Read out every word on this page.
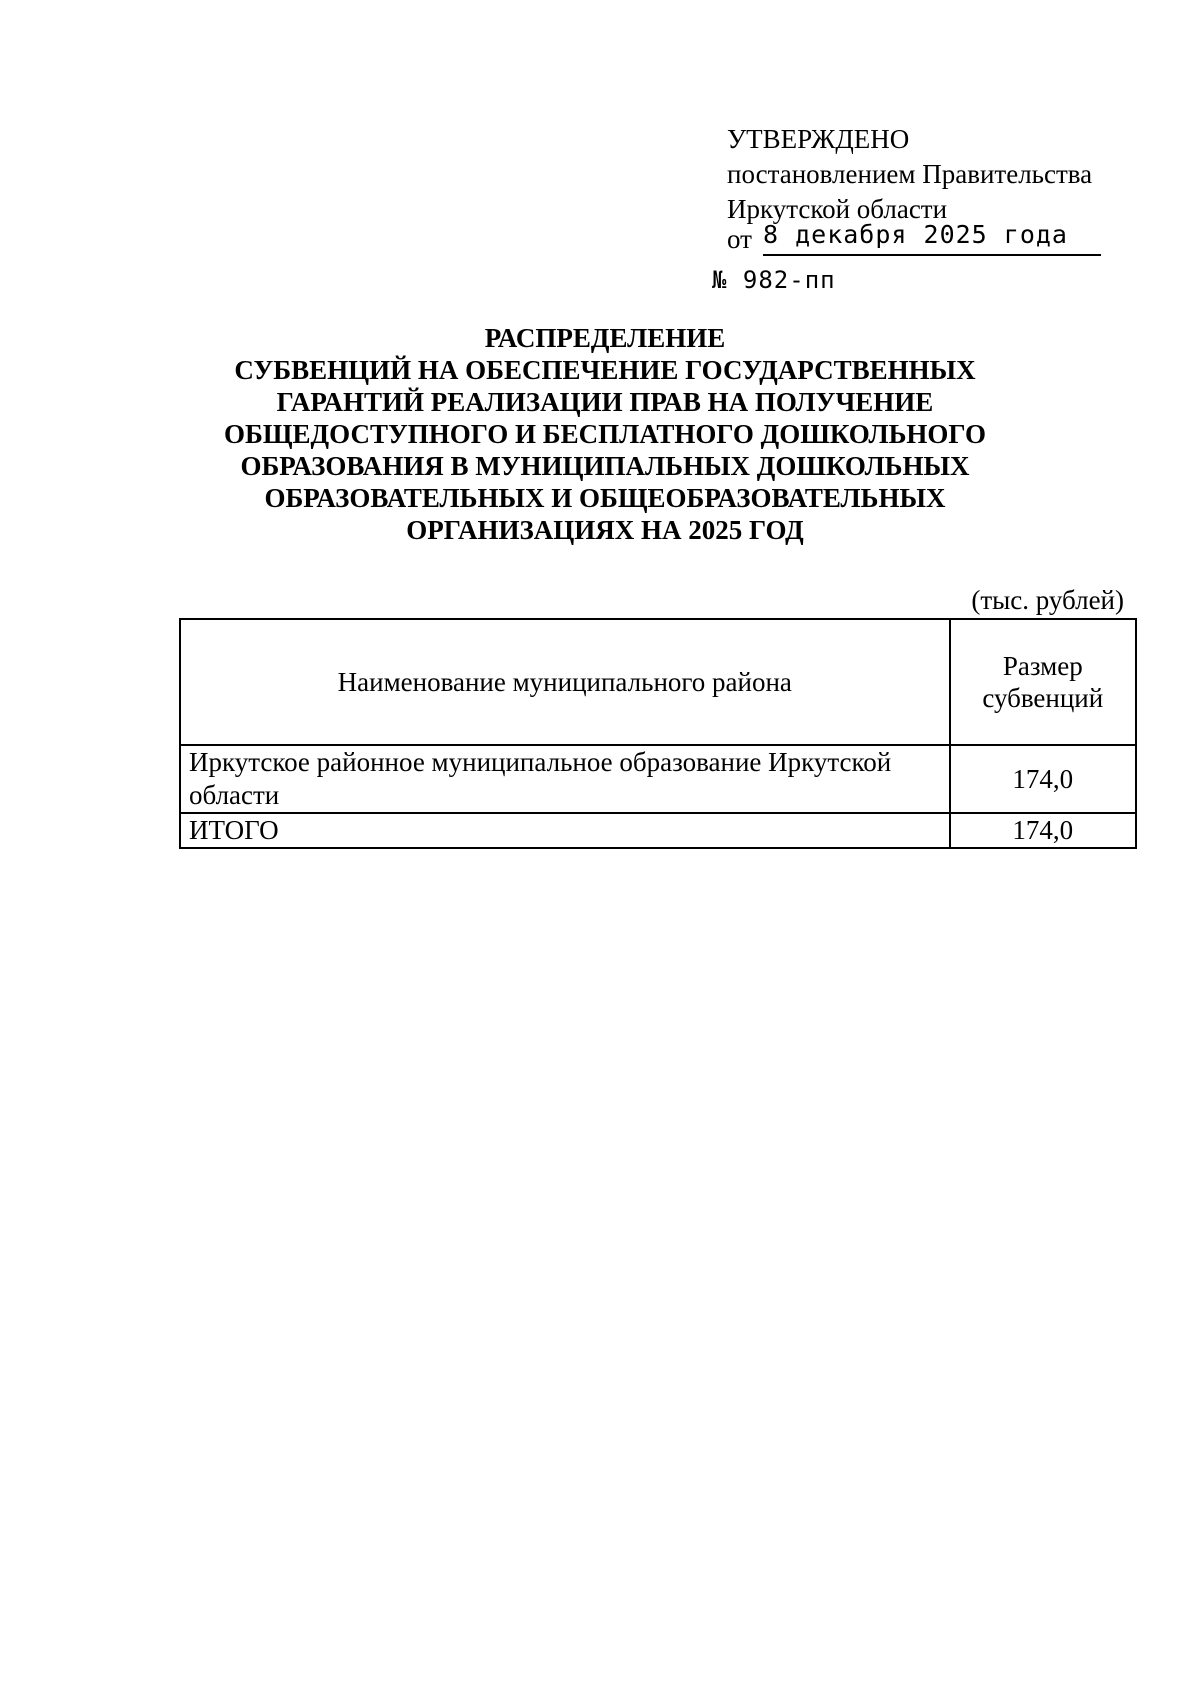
УТВЕРЖДЕНО
постановлением Правительства
Иркутской области
от 8 декабря 2025 года
№ 982-пп
РАСПРЕДЕЛЕНИЕ
СУБВЕНЦИЙ НА ОБЕСПЕЧЕНИЕ ГОСУДАРСТВЕННЫХ
ГАРАНТИЙ РЕАЛИЗАЦИИ ПРАВ НА ПОЛУЧЕНИЕ
ОБЩЕДОСТУПНОГО И БЕСПЛАТНОГО ДОШКОЛЬНОГО
ОБРАЗОВАНИЯ В МУНИЦИПАЛЬНЫХ ДОШКОЛЬНЫХ
ОБРАЗОВАТЕЛЬНЫХ И ОБЩЕОБРАЗОВАТЕЛЬНЫХ
ОРГАНИЗАЦИЯХ НА 2025 ГОД
(тыс. рублей)
Наименование муниципального района	Размер
субвенций

Иркутское районное муниципальное образование Иркутской области	174,0
ИТОГО	174,0
